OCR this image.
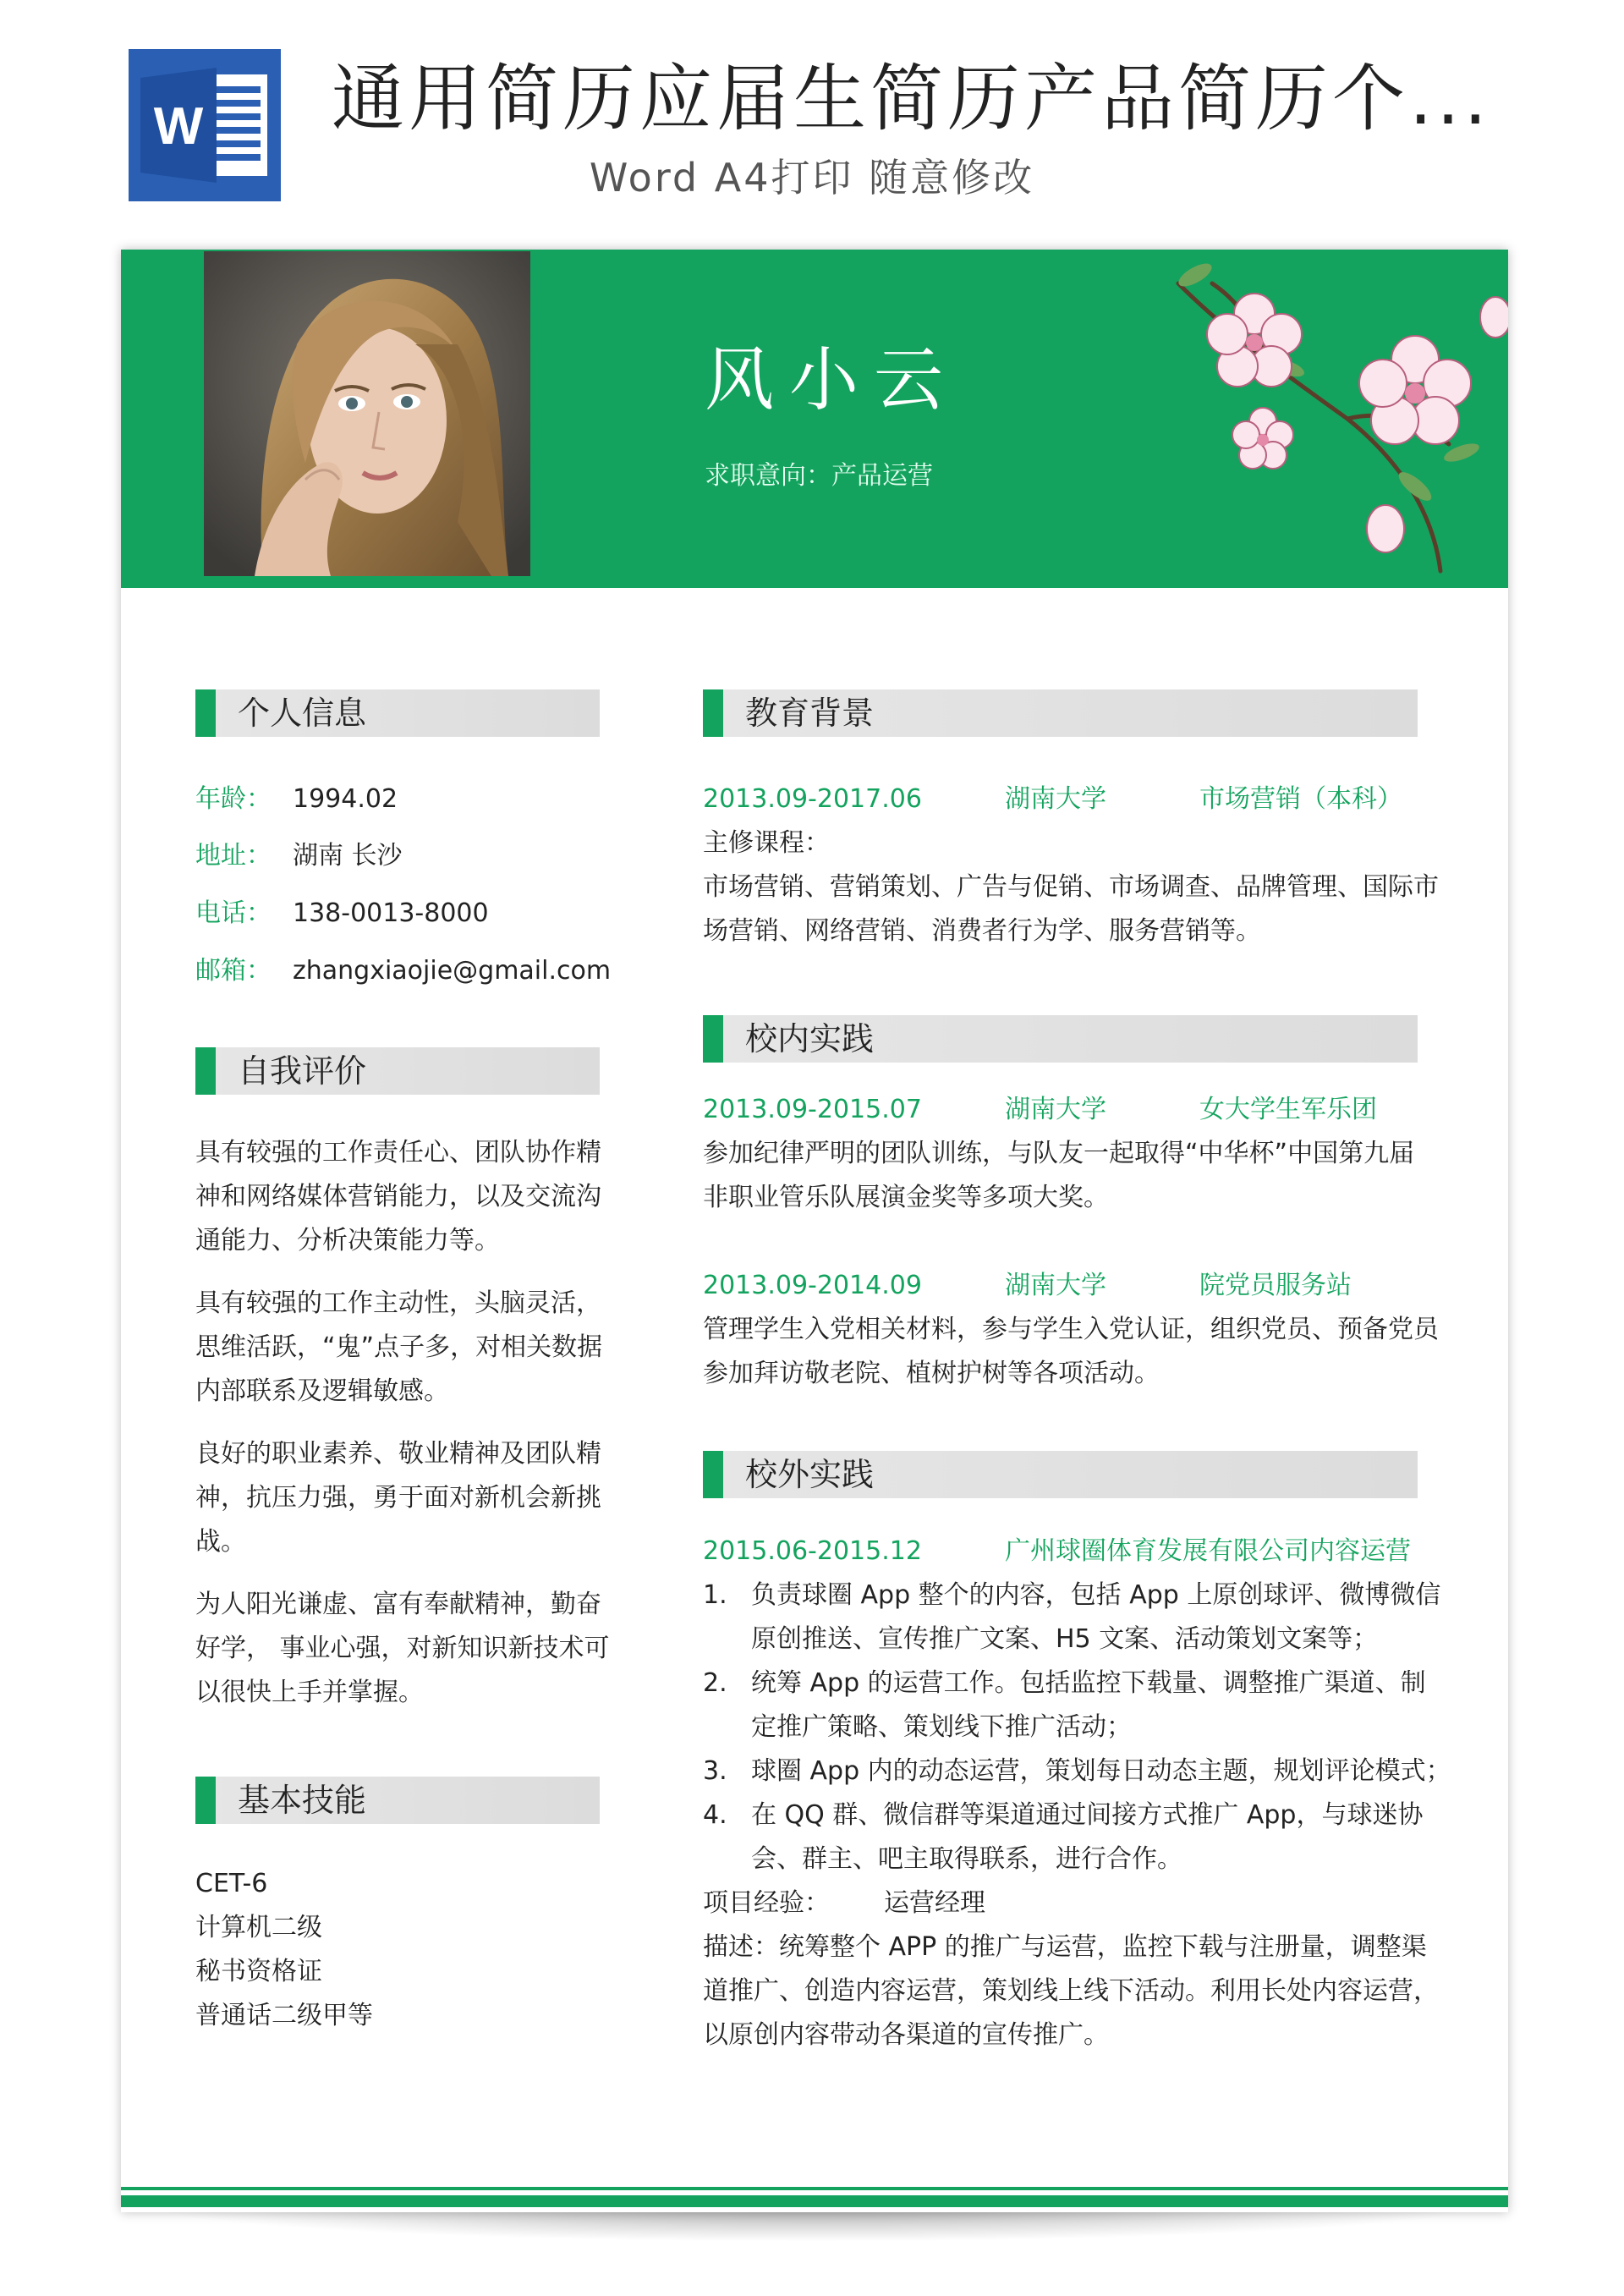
W 通用简历应届生简历产品简历个...
Word A4打印 随意修改
风小云
求职意向：产品运营
个人信息
年龄： 1994.02
地址： 湖南 长沙
电话： 138-0013-8000
邮箱： zhangxiaojie@gmail.com
自我评价
具有较强的工作责任心、团队协作精
神和网络媒体营销能力，以及交流沟
通能力、分析决策能力等。
具有较强的工作主动性，头脑灵活，
思维活跃，“鬼”点子多，对相关数据
内部联系及逻辑敏感。
良好的职业素养、敬业精神及团队精
神，抗压力强，勇于面对新机会新挑
战。
为人阳光谦虚、富有奉献精神，勤奋
好学， 事业心强，对新知识新技术可
以很快上手并掌握。
基本技能
CET-6
计算机二级
秘书资格证
普通话二级甲等
教育背景
2013.09-2017.06	湖南大学	市场营销（本科）
主修课程：
市场营销、营销策划、广告与促销、市场调查、品牌管理、国际市
场营销、网络营销、消费者行为学、服务营销等。
校内实践
2013.09-2015.07	湖南大学	女大学生军乐团
参加纪律严明的团队训练，与队友一起取得“中华杯”中国第九届
非职业管乐队展演金奖等多项大奖。
2013.09-2014.09	湖南大学	院党员服务站
管理学生入党相关材料，参与学生入党认证，组织党员、预备党员
参加拜访敬老院、植树护树等各项活动。
校外实践
2015.06-2015.12	广州球圈体育发展有限公司内容运营
1. 负责球圈 App 整个的内容，包括 App 上原创球评、微博微信
原创推送、宣传推广文案、H5 文案、活动策划文案等；
2. 统筹 App 的运营工作。包括监控下载量、调整推广渠道、制
定推广策略、策划线下推广活动；
3. 球圈 App 内的动态运营，策划每日动态主题，规划评论模式；
4. 在 QQ 群、微信群等渠道通过间接方式推广 App，与球迷协
会、群主、吧主取得联系，进行合作。
项目经验： 运营经理
描述：统筹整个 APP 的推广与运营，监控下载与注册量，调整渠
道推广、创造内容运营，策划线上线下活动。利用长处内容运营，
以原创内容带动各渠道的宣传推广。
